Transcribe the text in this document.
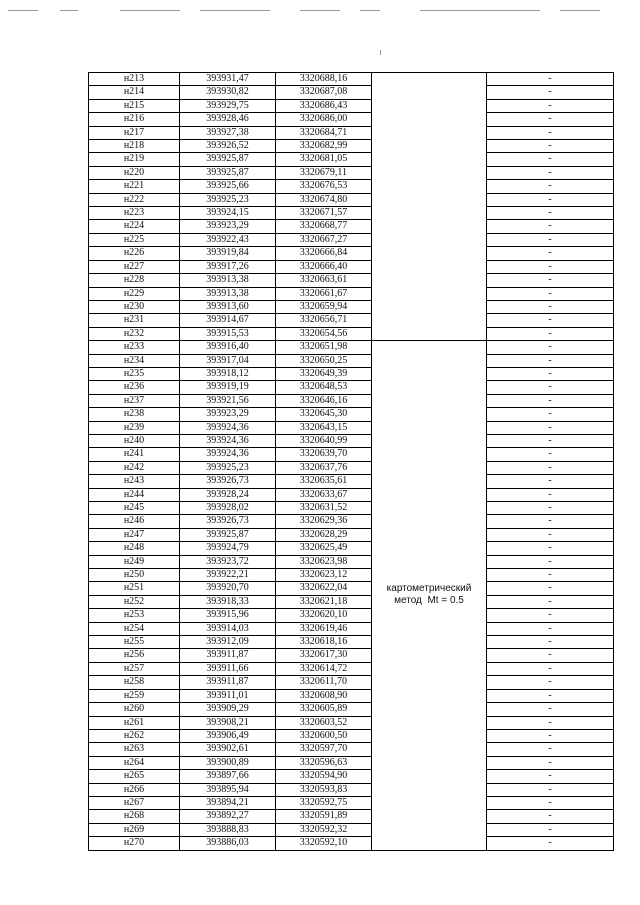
н213	393931,47	3320688,16		-
н214	393930,82	3320687,08		-
н215	393929,75	3320686,43		-
н216	393928,46	3320686,00		-
н217	393927,38	3320684,71		-
н218	393926,52	3320682,99		-
н219	393925,87	3320681,05		-
н220	393925,87	3320679,11		-
н221	393925,66	3320676,53		-
н222	393925,23	3320674,80		-
н223	393924,15	3320671,57		-
н224	393923,29	3320668,77		-
н225	393922,43	3320667,27		-
н226	393919,84	3320666,84		-
н227	393917,26	3320666,40		-
н228	393913,38	3320663,61		-
н229	393913,38	3320661,67		-
н230	393913,60	3320659,94		-
н231	393914,67	3320656,71		-
н232	393915,53	3320654,56		-
н233	393916,40	3320651,98	картометрический
метод  Mt = 0.5	-
н234	393917,04	3320650,25		-
н235	393918,12	3320649,39		-
н236	393919,19	3320648,53		-
н237	393921,56	3320646,16		-
н238	393923,29	3320645,30		-
н239	393924,36	3320643,15		-
н240	393924,36	3320640,99		-
н241	393924,36	3320639,70		-
н242	393925,23	3320637,76		-
н243	393926,73	3320635,61		-
н244	393928,24	3320633,67		-
н245	393928,02	3320631,52		-
н246	393926,73	3320629,36		-
н247	393925,87	3320628,29		-
н248	393924,79	3320625,49		-
н249	393923,72	3320623,98		-
н250	393922,21	3320623,12		-
н251	393920,70	3320622,04		-
н252	393918,33	3320621,18		-
н253	393915,96	3320620,10		-
н254	393914,03	3320619,46		-
н255	393912,09	3320618,16		-
н256	393911,87	3320617,30		-
н257	393911,66	3320614,72		-
н258	393911,87	3320611,70		-
н259	393911,01	3320608,90		-
н260	393909,29	3320605,89		-
н261	393908,21	3320603,52		-
н262	393906,49	3320600,50		-
н263	393902,61	3320597,70		-
н264	393900,89	3320596,63		-
н265	393897,66	3320594,90		-
н266	393895,94	3320593,83		-
н267	393894,21	3320592,75		-
н268	393892,27	3320591,89		-
н269	393888,83	3320592,32		-
н270	393886,03	3320592,10		-
